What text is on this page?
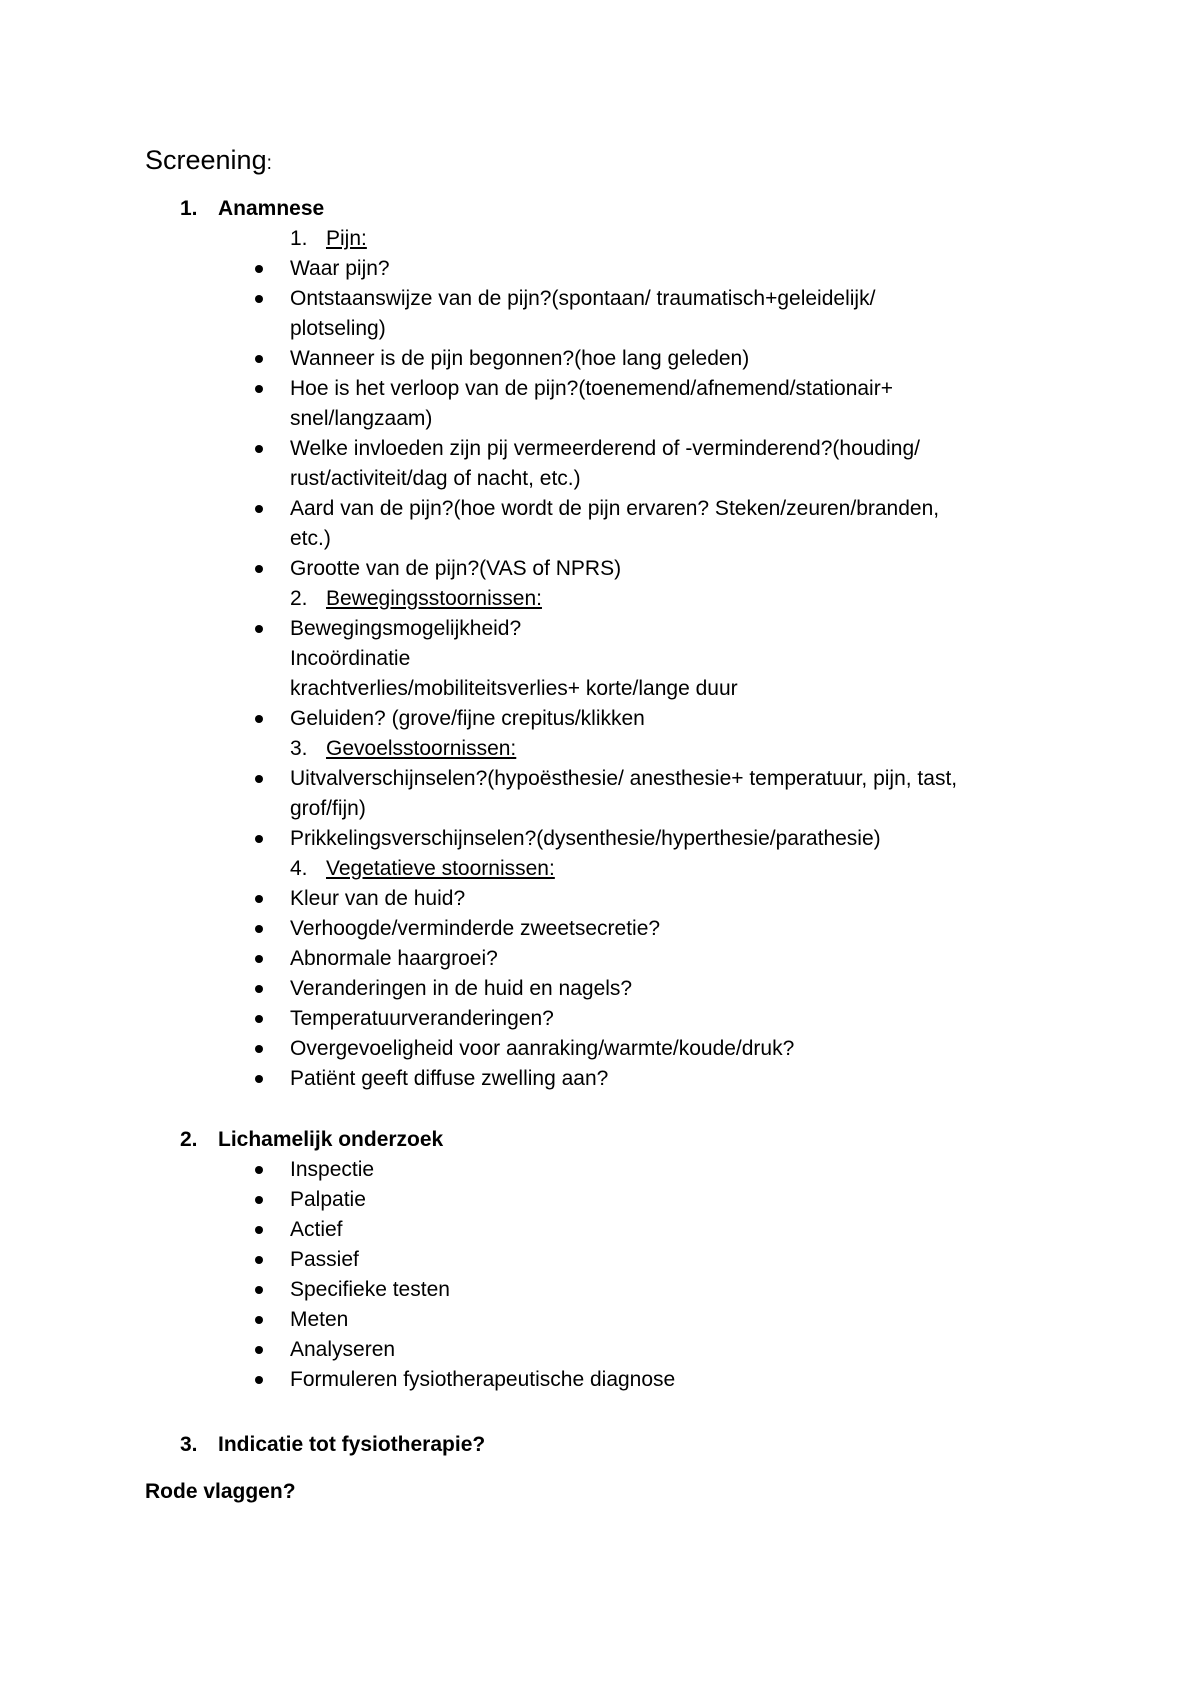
Screening:
1. Anamnese
1. Pijn:
Waar pijn?
Ontstaanswijze van de pijn?(spontaan/ traumatisch+geleidelijk/
plotseling)
Wanneer is de pijn begonnen?(hoe lang geleden)
Hoe is het verloop van de pijn?(toenemend/afnemend/stationair+
snel/langzaam)
Welke invloeden zijn pij vermeerderend of -verminderend?(houding/
rust/activiteit/dag of nacht, etc.)
Aard van de pijn?(hoe wordt de pijn ervaren? Steken/zeuren/branden,
etc.)
Grootte van de pijn?(VAS of NPRS)
2. Bewegingsstoornissen:
Bewegingsmogelijkheid?
Incoördinatie
krachtverlies/mobiliteitsverlies+ korte/lange duur
Geluiden? (grove/fijne crepitus/klikken
3. Gevoelsstoornissen:
Uitvalverschijnselen?(hypoësthesie/ anesthesie+ temperatuur, pijn, tast,
grof/fijn)
Prikkelingsverschijnselen?(dysenthesie/hyperthesie/parathesie)
4. Vegetatieve stoornissen:
Kleur van de huid?
Verhoogde/verminderde zweetsecretie?
Abnormale haargroei?
Veranderingen in de huid en nagels?
Temperatuurveranderingen?
Overgevoeligheid voor aanraking/warmte/koude/druk?
Patiënt geeft diffuse zwelling aan?
2. Lichamelijk onderzoek
Inspectie
Palpatie
Actief
Passief
Specifieke testen
Meten
Analyseren
Formuleren fysiotherapeutische diagnose
3. Indicatie tot fysiotherapie?
Rode vlaggen?
